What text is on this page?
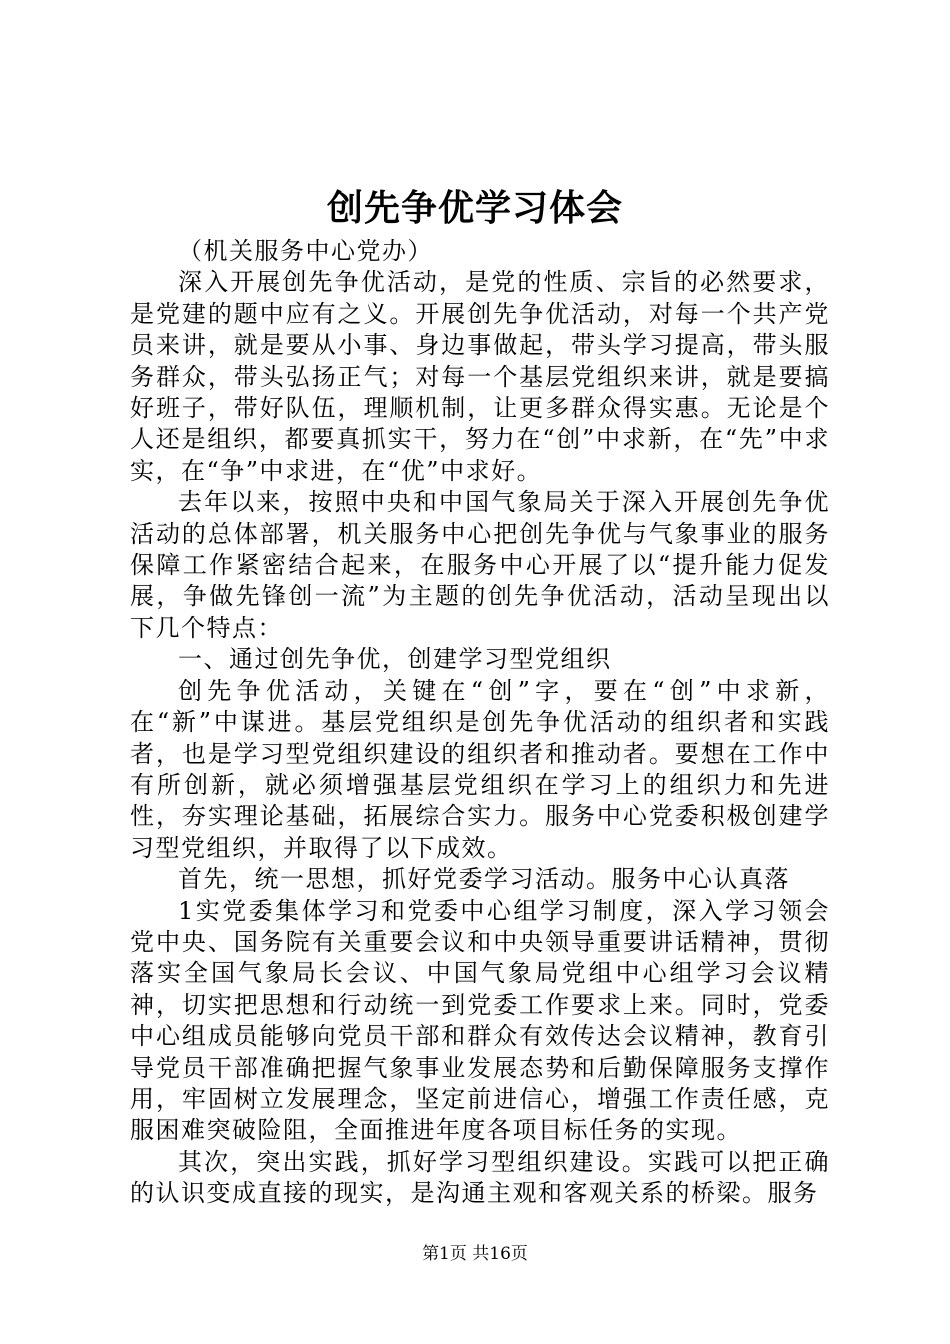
创先争优学习体会

（机关服务中心党办）

深入开展创先争优活动，是党的性质、宗旨的必然要求，是党建的题中应有之义。开展创先争优活动，对每一个共产党员来讲，就是要从小事、身边事做起，带头学习提高，带头服务群众，带头弘扬正气；对每一个基层党组织来讲，就是要搞好班子，带好队伍，理顺机制，让更多群众得实惠。无论是个人还是组织，都要真抓实干，努力在“创”中求新，在“先”中求实，在“争”中求进，在“优”中求好。

去年以来，按照中央和中国气象局关于深入开展创先争优活动的总体部署，机关服务中心把创先争优与气象事业的服务保障工作紧密结合起来，在服务中心开展了以“提升能力促发展，争做先锋创一流”为主题的创先争优活动，活动呈现出以下几个特点：

一、通过创先争优，创建学习型党组织

创先争优活动，关键在“创”字，要在“创”中求新，在“新”中谋进。基层党组织是创先争优活动的组织者和实践者，也是学习型党组织建设的组织者和推动者。要想在工作中有所创新，就必须增强基层党组织在学习上的组织力和先进性，夯实理论基础，拓展综合实力。服务中心党委积极创建学习型党组织，并取得了以下成效。

首先，统一思想，抓好党委学习活动。服务中心认真落

1实党委集体学习和党委中心组学习制度，深入学习领会党中央、国务院有关重要会议和中央领导重要讲话精神，贯彻落实全国气象局长会议、中国气象局党组中心组学习会议精神，切实把思想和行动统一到党委工作要求上来。同时，党委中心组成员能够向党员干部和群众有效传达会议精神，教育引导党员干部准确把握气象事业发展态势和后勤保障服务支撑作用，牢固树立发展理念，坚定前进信心，增强工作责任感，克服困难突破险阻，全面推进年度各项目标任务的实现。

其次，突出实践，抓好学习型组织建设。实践可以把正确的认识变成直接的现实，是沟通主观和客观关系的桥梁。服务

第1页 共16页
